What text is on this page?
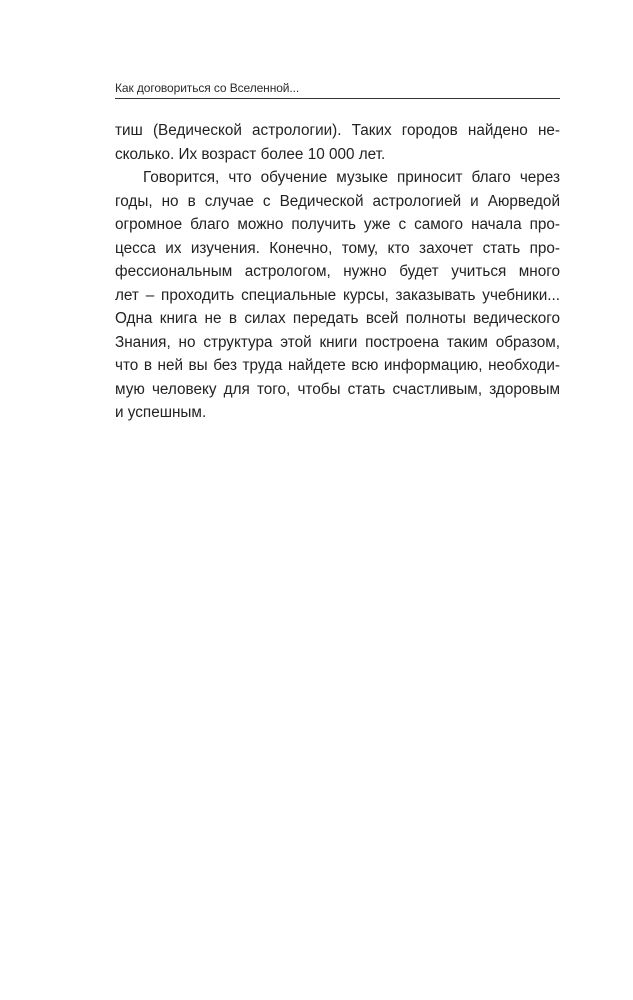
Как договориться со Вселенной...
тиш (Ведической астрологии). Таких городов найдено не-
сколько. Их возраст более 10 000 лет.
Говорится, что обучение музыке приносит благо через
годы, но в случае с Ведической астрологией и Аюрведой
огромное благо можно получить уже с самого начала про-
цесса их изучения. Конечно, тому, кто захочет стать про-
фессиональным астрологом, нужно будет учиться много
лет – проходить специальные курсы, заказывать учебники...
Одна книга не в силах передать всей полноты ведического
Знания, но структура этой книги построена таким образом,
что в ней вы без труда найдете всю информацию, необходи-
мую человеку для того, чтобы стать счастливым, здоровым
и успешным.
